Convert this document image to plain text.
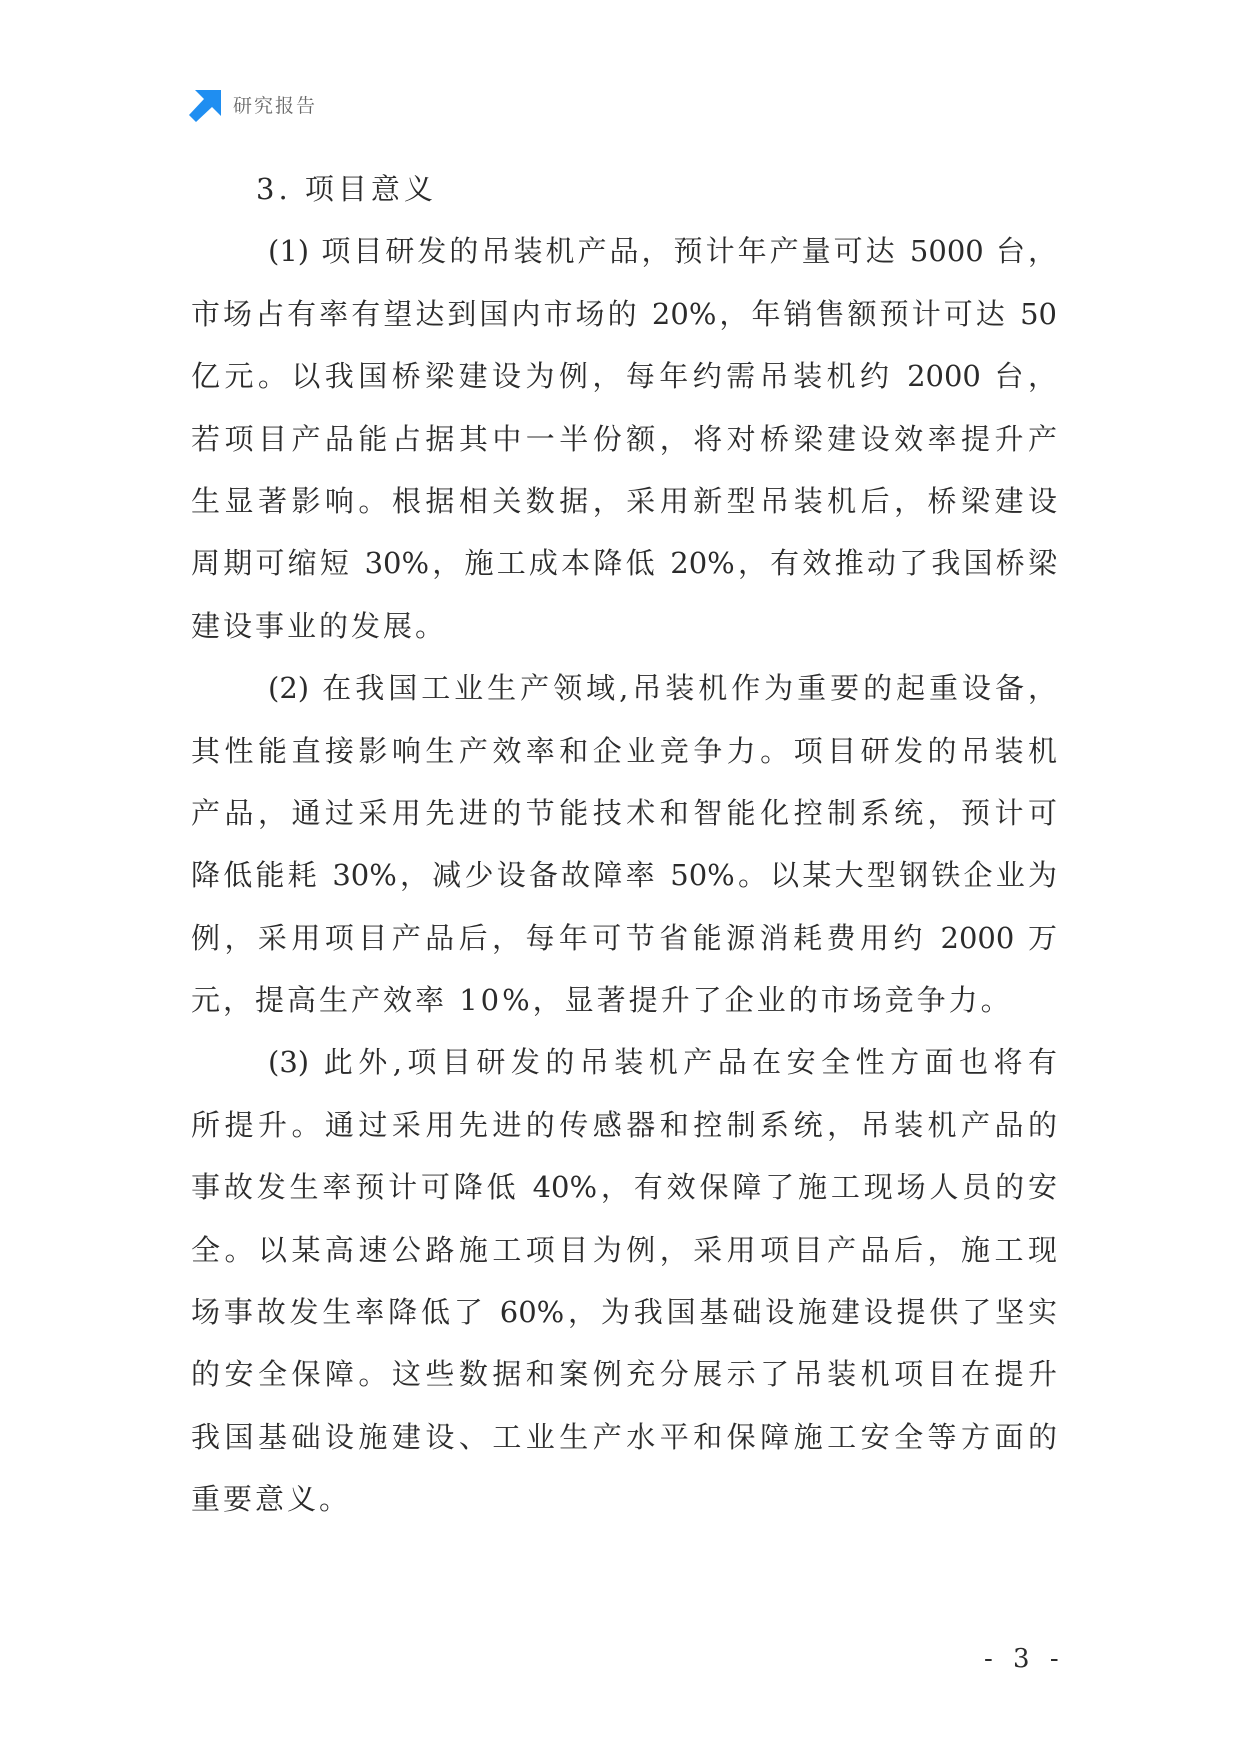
研究报告
3. 项目意义
(1) 项目研发的吊装机产品，预计年产量可达 5000 台，
市场占有率有望达到国内市场的 20%，年销售额预计可达 50
亿元。以我国桥梁建设为例，每年约需吊装机约 2000 台，
若项目产品能占据其中一半份额，将对桥梁建设效率提升产
生显著影响。根据相关数据，采用新型吊装机后，桥梁建设
周期可缩短 30%，施工成本降低 20%，有效推动了我国桥梁
建设事业的发展。
(2) 在我国工业生产领域,吊装机作为重要的起重设备，
其性能直接影响生产效率和企业竞争力。项目研发的吊装机
产品，通过采用先进的节能技术和智能化控制系统，预计可
降低能耗 30%，减少设备故障率 50%。以某大型钢铁企业为
例，采用项目产品后，每年可节省能源消耗费用约 2000 万
元，提高生产效率 10%，显著提升了企业的市场竞争力。
(3) 此外,项目研发的吊装机产品在安全性方面也将有
所提升。通过采用先进的传感器和控制系统，吊装机产品的
事故发生率预计可降低 40%，有效保障了施工现场人员的安
全。以某高速公路施工项目为例，采用项目产品后，施工现
场事故发生率降低了 60%，为我国基础设施建设提供了坚实
的安全保障。这些数据和案例充分展示了吊装机项目在提升
我国基础设施建设、工业生产水平和保障施工安全等方面的
重要意义。
- 3 -
